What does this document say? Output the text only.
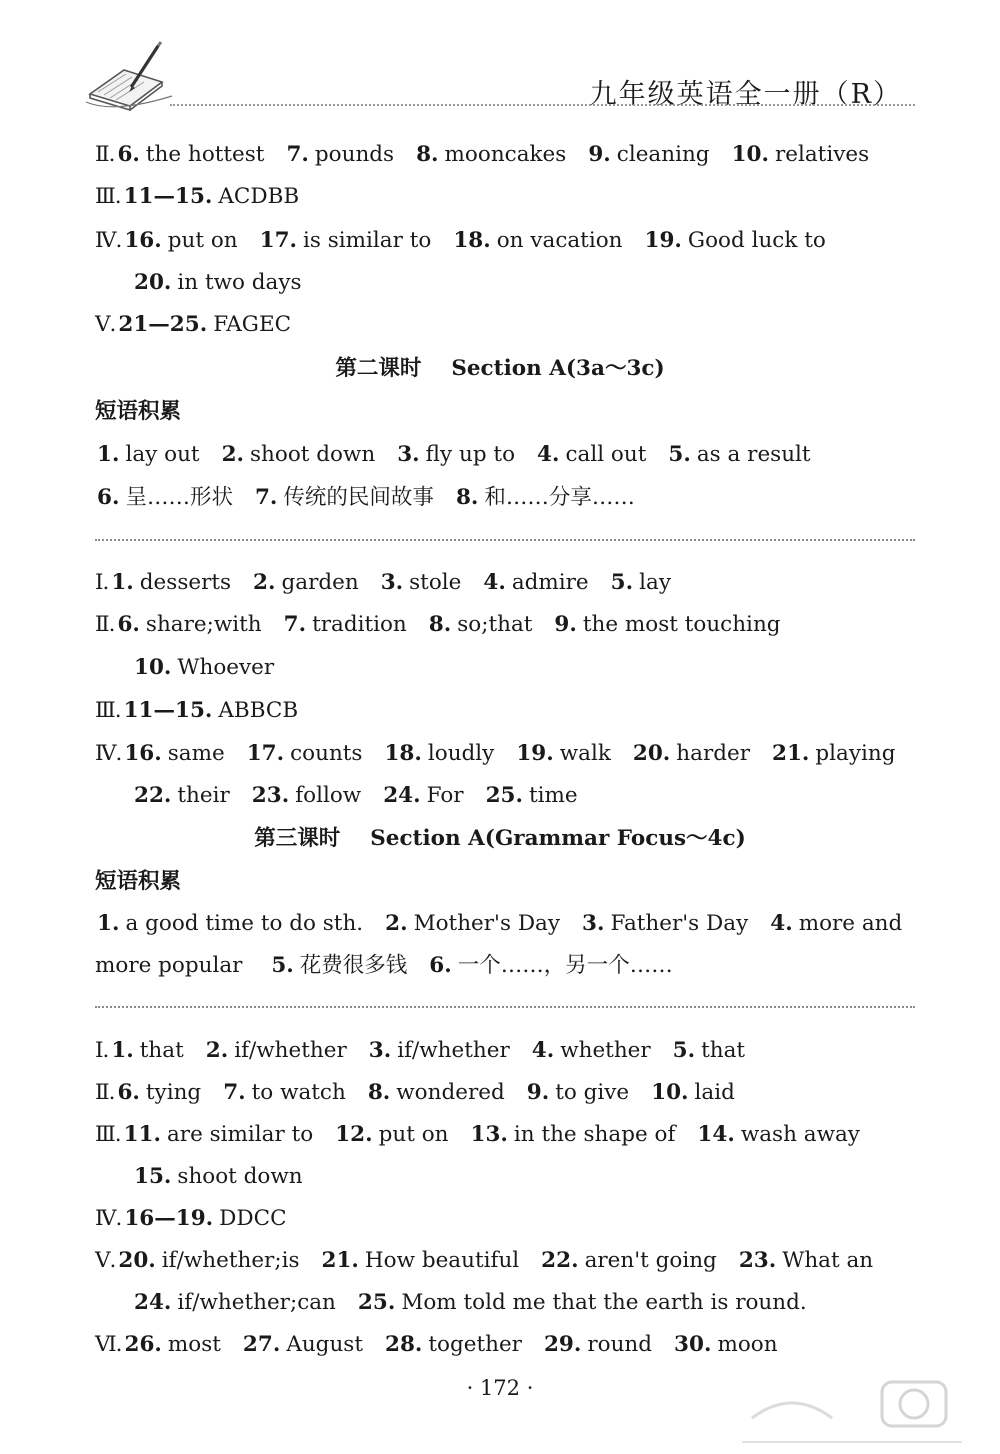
九年级英语全一册（R）
Ⅱ.6. the hottest 7. pounds 8. mooncakes 9. cleaning 10. relatives
Ⅲ.11—15. ACDBB
Ⅳ.16. put on 17. is similar to 18. on vacation 19. Good luck to
20. in two days
Ⅴ.21—25. FAGEC
第二课时 Section A(3a～3c)
短语积累
1. lay out 2. shoot down 3. fly up to 4. call out 5. as a result
6. 呈……形状 7. 传统的民间故事 8. 和……分享……
Ⅰ.1. desserts 2. garden 3. stole 4. admire 5. lay
Ⅱ.6. share;with 7. tradition 8. so;that 9. the most touching
10. Whoever
Ⅲ.11—15. ABBCB
Ⅳ.16. same 17. counts 18. loudly 19. walk 20. harder 21. playing
22. their 23. follow 24. For 25. time
第三课时 Section A(Grammar Focus～4c)
短语积累
1. a good time to do sth. 2. Mother's Day 3. Father's Day 4. more and
more popular 5. 花费很多钱 6. 一个……，另一个……
Ⅰ.1. that 2. if/whether 3. if/whether 4. whether 5. that
Ⅱ.6. tying 7. to watch 8. wondered 9. to give 10. laid
Ⅲ.11. are similar to 12. put on 13. in the shape of 14. wash away
15. shoot down
Ⅳ.16—19. DDCC
Ⅴ.20. if/whether;is 21. How beautiful 22. aren't going 23. What an
24. if/whether;can 25. Mom told me that the earth is round.
Ⅵ.26. most 27. August 28. together 29. round 30. moon
· 172 ·
